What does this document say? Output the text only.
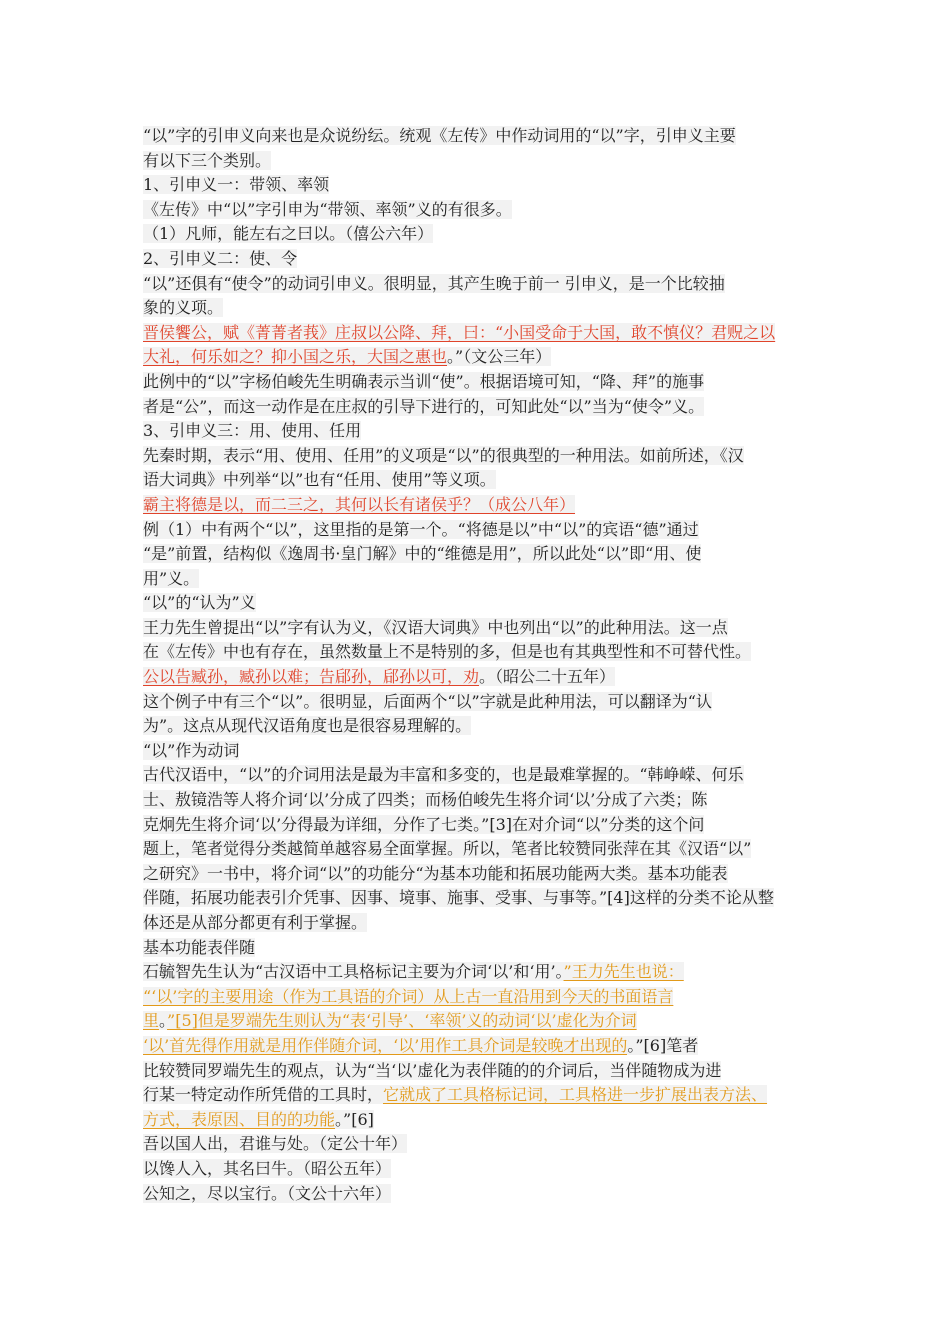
“以”字的引申义向来也是众说纷纭。统观《左传》中作动词用的“以”字，引申义主要
有以下三个类别。
1、引申义一：带领、率领
《左传》中“以”字引申为“带领、率领”义的有很多。
（1）凡师，能左右之曰以。（僖公六年）
2、引申义二：使、令
“以”还俱有“使令”的动词引申义。很明显，其产生晚于前一 引申义，是一个比较抽
象的义项。
晋侯饗公，赋《菁菁者莪》庄叔以公降、拜，曰：“小国受命于大国，敢不慎仪？君贶之以
大礼，何乐如之？抑小国之乐，大国之惠也。”（文公三年）
此例中的“以”字杨伯峻先生明确表示当训“使”。根据语境可知，“降、拜”的施事
者是“公”，而这一动作是在庄叔的引导下进行的，可知此处“以”当为“使令”义。
3、引申义三：用、使用、任用
先秦时期，表示“用、使用、任用”的义项是“以”的很典型的一种用法。如前所述，《汉
语大词典》中列举“以”也有“任用、使用”等义项。
霸主将德是以，而二三之，其何以长有诸侯乎？（成公八年）
例（1）中有两个“以”，这里指的是第一个。“将德是以”中“以”的宾语“德”通过
“是”前置，结构似《逸周书·皇门解》中的“维德是用”，所以此处“以”即“用、使
用”义。
“以”的“认为”义
王力先生曾提出“以”字有认为义，《汉语大词典》中也列出“以”的此种用法。这一点
在《左传》中也有存在，虽然数量上不是特别的多，但是也有其典型性和不可替代性。
公以告臧孙，臧孙以难；告郈孙，郈孙以可，劝。（昭公二十五年）
这个例子中有三个“以”。很明显，后面两个“以”字就是此种用法，可以翻译为“认
为”。这点从现代汉语角度也是很容易理解的。
“以”作为动词
古代汉语中，“以”的介词用法是最为丰富和多变的，也是最难掌握的。“韩峥嵘、何乐
士、敖镜浩等人将介词‘以’分成了四类；而杨伯峻先生将介词‘以’分成了六类；陈
克炯先生将介词‘以’分得最为详细，分作了七类。”[3]在对介词“以”分类的这个问
题上，笔者觉得分类越简单越容易全面掌握。所以，笔者比较赞同张萍在其《汉语“以”
之研究》一书中，将介词“以”的功能分“为基本功能和拓展功能两大类。基本功能表
伴随，拓展功能表引介凭事、因事、境事、施事、受事、与事等。”[4]这样的分类不论从整
体还是从部分都更有利于掌握。
基本功能表伴随
石毓智先生认为“古汉语中工具格标记主要为介词‘以’和‘用’。”王力先生也说：
“‘以’字的主要用途（作为工具语的介词）从上古一直沿用到今天的书面语言
里。”[5]但是罗端先生则认为“表‘引导’、‘率领’义的动词‘以’虚化为介词
‘以’首先得作用就是用作伴随介词，‘以’用作工具介词是较晚才出现的。”[6]笔者
比较赞同罗端先生的观点，认为“当‘以’虚化为表伴随的的介词后，当伴随物成为进
行某一特定动作所凭借的工具时，它就成了工具格标记词，工具格进一步扩展出表方法、
方式，表原因、目的的功能。”[6]
吾以国人出，君谁与处。（定公十年）
以馋人入，其名曰牛。（昭公五年）
公知之，尽以宝行。（文公十六年）
